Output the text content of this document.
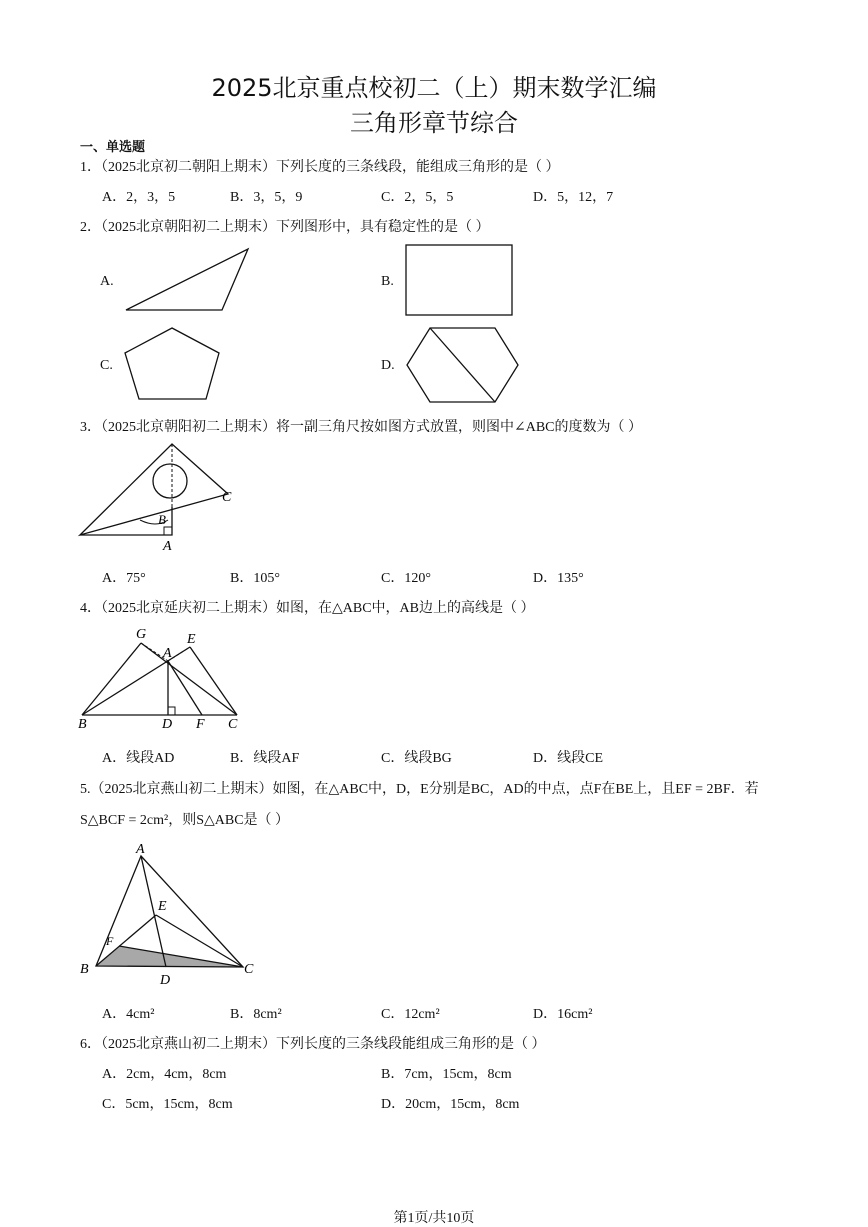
2025北京重点校初二（上）期末数学汇编
三角形章节综合
一、单选题
1．（2025北京初二朝阳上期末）下列长度的三条线段，能组成三角形的是（ ）
A．2，3，5	B．3，5，9	C．2，5，5	D．5，12，7
2．（2025北京朝阳初二上期末）下列图形中，具有稳定性的是（ ）
A.	B.
C.	D.
3．（2025北京朝阳初二上期末）将一副三角尺按如图方式放置，则图中∠ABC的度数为（ ）
C
B
A
A．75°	B．105°	C．120°	D．135°
4．（2025北京延庆初二上期末）如图，在△ABC中，AB边上的高线是（ ）
G	E
A
B	D F C
A．线段AD	B．线段AF	C．线段BG	D．线段CE
5.（2025北京燕山初二上期末）如图，在△ABC中，D，E分别是BC，AD的中点，点F在BE上，且EF = 2BF．若
S△BCF = 2cm²，则S△ABC是（ ）
A
E
F
B
D
C
A．4cm²	B．8cm²	C．12cm²	D．16cm²
6．（2025北京燕山初二上期末）下列长度的三条线段能组成三角形的是（ ）
A．2cm，4cm，8cm	B．7cm，15cm，8cm
C．5cm，15cm，8cm	D．20cm，15cm，8cm
第1页/共10页
